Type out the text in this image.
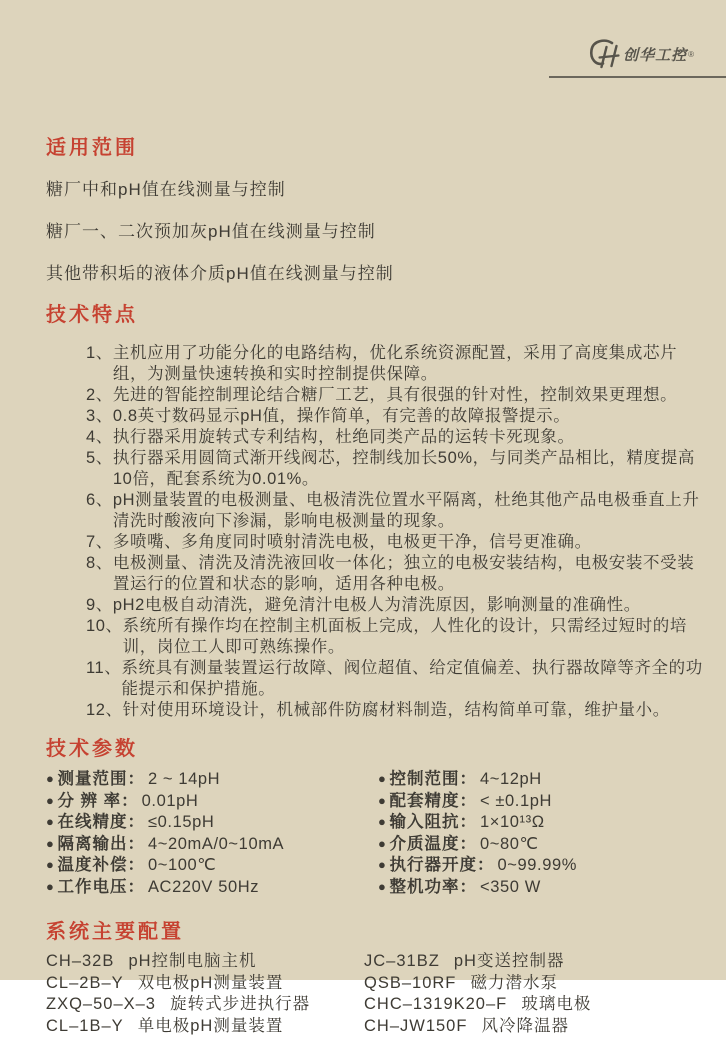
创华工控 ®
适用范围

糖厂中和pH值在线测量与控制

糖厂一、二次预加灰pH值在线测量与控制

其他带积垢的液体介质pH值在线测量与控制

技术特点
1、 主机应用了功能分化的电路结构，优化系统资源配置，采用了高度集成芯片组，为测量快速转换和实时控制提供保障。
2、 先进的智能控制理论结合糖厂工艺，具有很强的针对性，控制效果更理想。
3、 0.8英寸数码显示pH值，操作简单，有完善的故障报警提示。
4、 执行器采用旋转式专利结构，杜绝同类产品的运转卡死现象。
5、 执行器采用圆筒式渐开线阀芯，控制线加长50%，与同类产品相比，精度提高10倍，配套系统为0.01%。
6、 pH测量装置的电极测量、电极清洗位置水平隔离，杜绝其他产品电极垂直上升清洗时酸液向下渗漏，影响电极测量的现象。
7、 多喷嘴、多角度同时喷射清洗电极，电极更干净，信号更准确。
8、 电极测量、清洗及清洗液回收一体化；独立的电极安装结构，电极安装不受装置运行的位置和状态的影响，适用各种电极。
9、 pH2电极自动清洗，避免清汁电极人为清洗原因，影响测量的准确性。
10、 系统所有操作均在控制主机面板上完成，人性化的设计，只需经过短时的培训，岗位工人即可熟练操作。
11、 系统具有测量装置运行故障、阀位超值、给定值偏差、执行器故障等齐全的功能提示和保护措施。
12、 针对使用环境设计，机械部件防腐材料制造，结构简单可靠，维护量小。
技术参数
● 测量范围： 2 ~ 14pH
● 分 辨 率： 0.01pH
● 在线精度： ≤0.15pH
● 隔离输出： 4~20mA/0~10mA
● 温度补偿： 0~100℃
● 工作电压： AC220V 50Hz
● 控制范围： 4~12pH
● 配套精度： < ±0.1pH
● 输入阻抗： 1×10¹³Ω
● 介质温度： 0~80℃
● 执行器开度： 0~99.99%
● 整机功率： <350 W
系统主要配置
CH–32B pH控制电脑主机
CL–2B–Y 双电极pH测量装置
ZXQ–50–X–3 旋转式步进执行器
CL–1B–Y 单电极pH测量装置
JC–31BZ pH变送控制器
QSB–10RF 磁力潜水泵
CHC–1319K20–F 玻璃电极
CH–JW150F 风冷降温器
